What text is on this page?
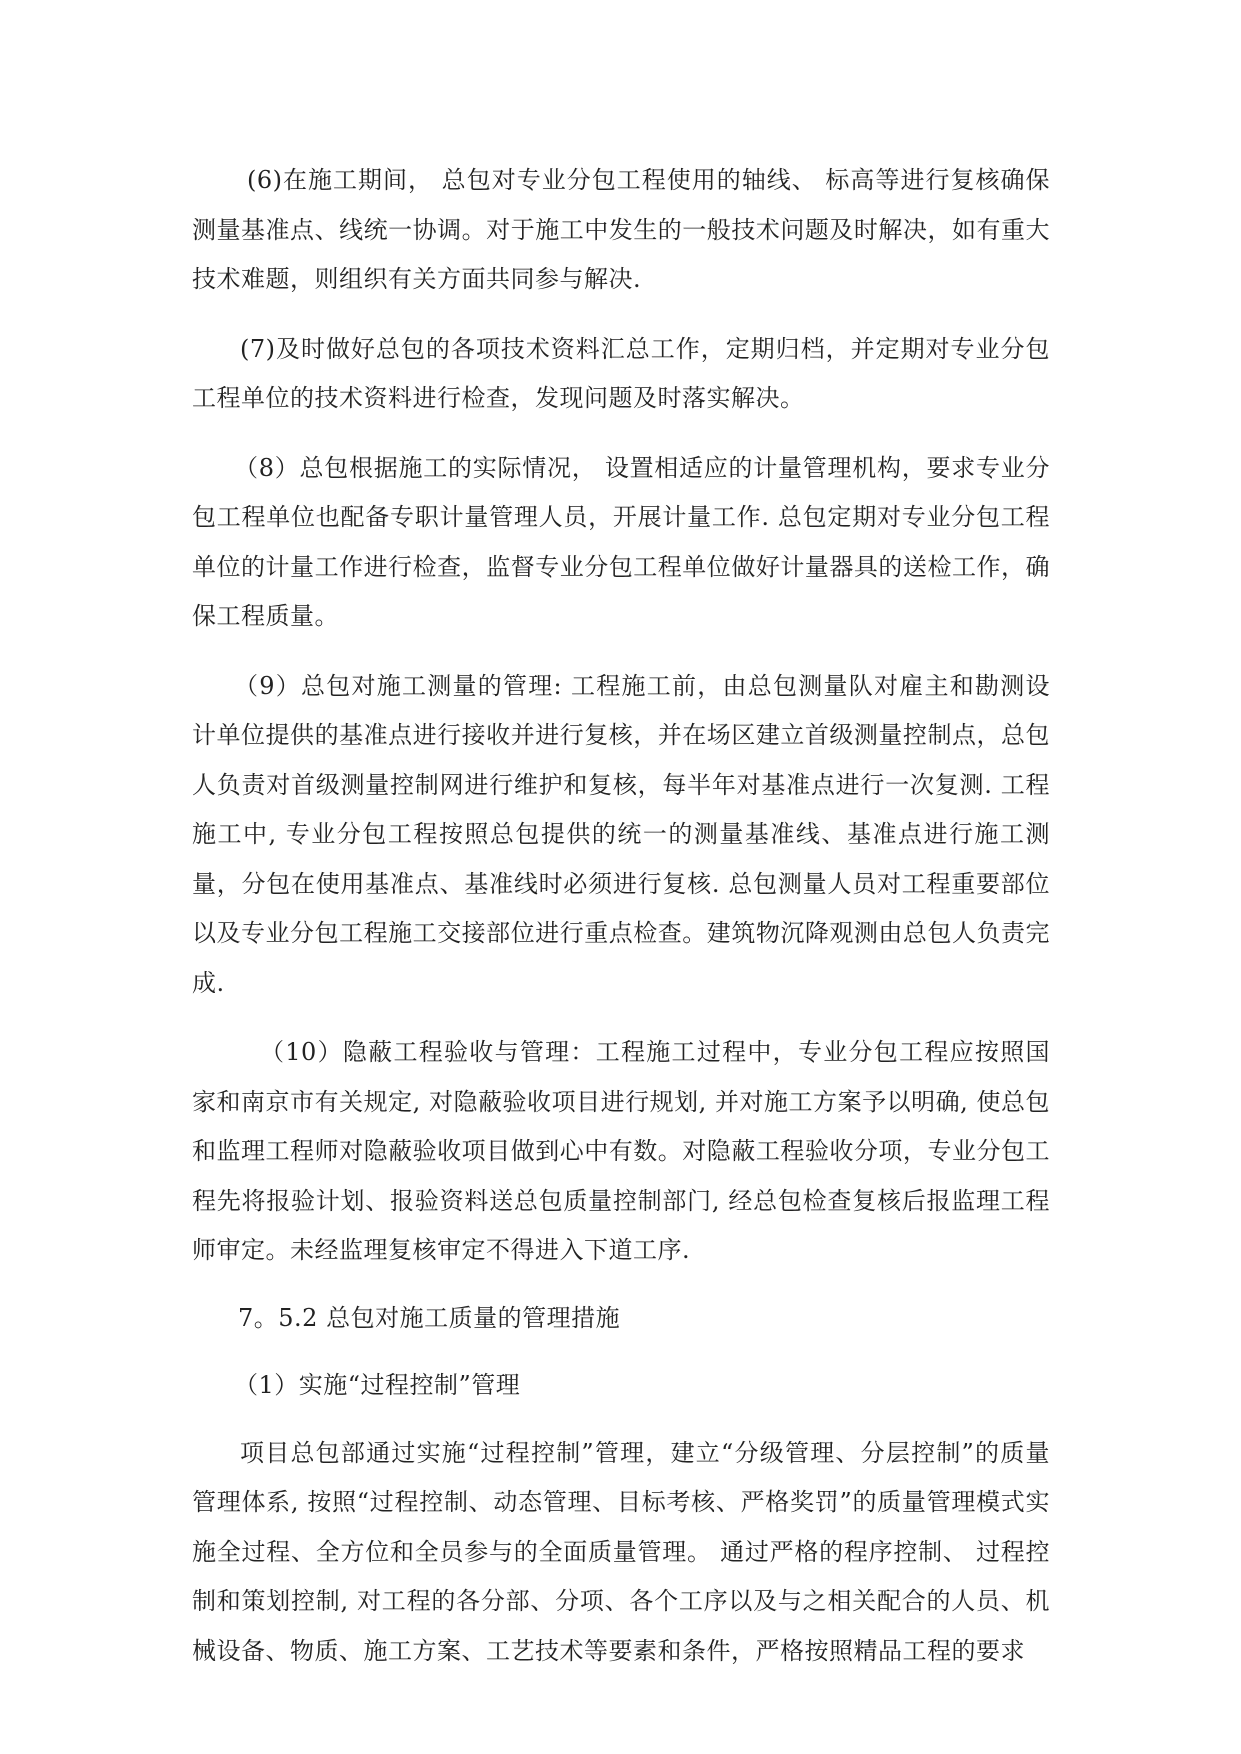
(6)在施工期间， 总包对专业分包工程使用的轴线、 标高等进行复核确保测量基准点、线统一协调。对于施工中发生的一般技术问题及时解决，如有重大技术难题，则组织有关方面共同参与解决.

(7)及时做好总包的各项技术资料汇总工作，定期归档，并定期对专业分包工程单位的技术资料进行检查，发现问题及时落实解决。

（8）总包根据施工的实际情况， 设置相适应的计量管理机构，要求专业分包工程单位也配备专职计量管理人员，开展计量工作. 总包定期对专业分包工程单位的计量工作进行检查，监督专业分包工程单位做好计量器具的送检工作，确保工程质量。

（9）总包对施工测量的管理: 工程施工前，由总包测量队对雇主和勘测设计单位提供的基准点进行接收并进行复核，并在场区建立首级测量控制点，总包人负责对首级测量控制网进行维护和复核，每半年对基准点进行一次复测. 工程施工中, 专业分包工程按照总包提供的统一的测量基准线、基准点进行施工测量，分包在使用基准点、基准线时必须进行复核. 总包测量人员对工程重要部位以及专业分包工程施工交接部位进行重点检查。建筑物沉降观测由总包人负责完成.

（10）隐蔽工程验收与管理：工程施工过程中，专业分包工程应按照国家和南京市有关规定, 对隐蔽验收项目进行规划, 并对施工方案予以明确, 使总包和监理工程师对隐蔽验收项目做到心中有数。对隐蔽工程验收分项，专业分包工程先将报验计划、报验资料送总包质量控制部门, 经总包检查复核后报监理工程师审定。未经监理复核审定不得进入下道工序.

7。5.2 总包对施工质量的管理措施

（1）实施“过程控制”管理

项目总包部通过实施“过程控制”管理，建立“分级管理、分层控制”的质量管理体系, 按照“过程控制、动态管理、目标考核、严格奖罚”的质量管理模式实施全过程、全方位和全员参与的全面质量管理。 通过严格的程序控制、 过程控制和策划控制, 对工程的各分部、分项、各个工序以及与之相关配合的人员、机械设备、物质、施工方案、工艺技术等要素和条件，严格按照精品工程的要求
